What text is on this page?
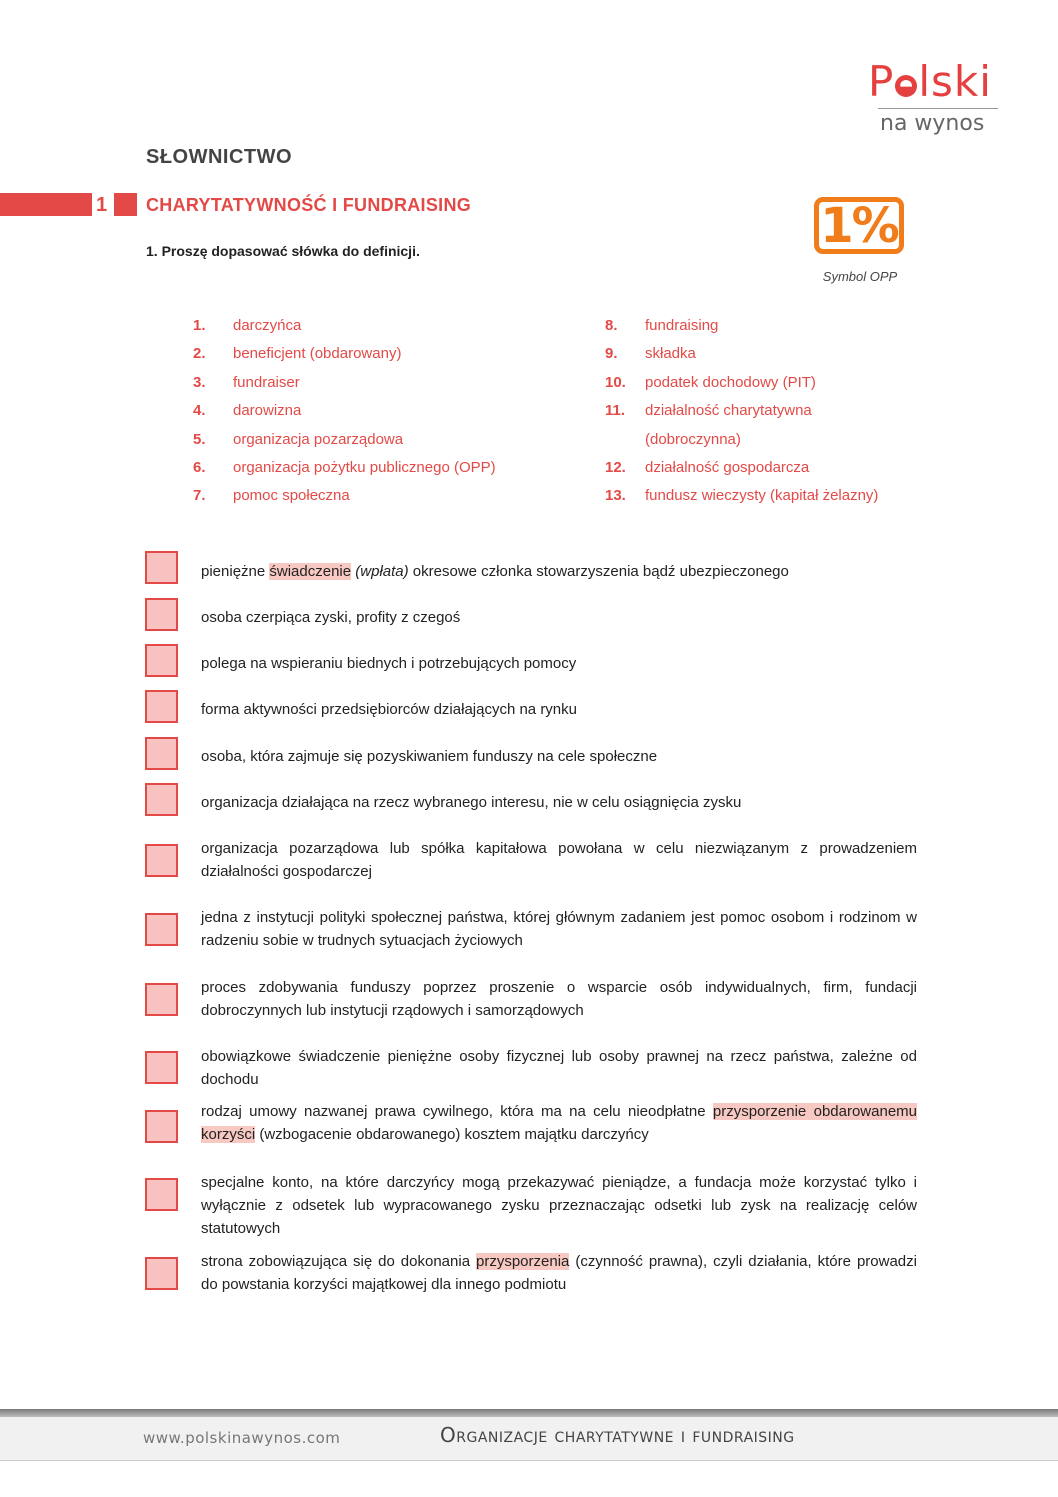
P lski
na wynos
SŁOWNICTWO
1 CHARYTATYWNOŚĆ I FUNDRAISING
1. Proszę dopasować słówka do definicji.	1%
Symbol OPP
1. darczyńca
2. beneficjent (obdarowany)
3. fundraiser
4. darowizna
5. organizacja pozarządowa
6. organizacja pożytku publicznego (OPP)
7. pomoc społeczna
8. fundraising
9. składka
10. podatek dochodowy (PIT)
11. działalność charytatywna
(dobroczynna)
12. działalność gospodarcza
13. fundusz wieczysty (kapitał żelazny)
pieniężne świadczenie (wpłata) okresowe członka stowarzyszenia bądź ubezpieczonego
osoba czerpiąca zyski, profity z czegoś
polega na wspieraniu biednych i potrzebujących pomocy
forma aktywności przedsiębiorców działających na rynku
osoba, która zajmuje się pozyskiwaniem funduszy na cele społeczne
organizacja działająca na rzecz wybranego interesu, nie w celu osiągnięcia zysku
organizacja pozarządowa lub spółka kapitałowa powołana w celu niezwiązanym z prowadzeniem działalności gospodarczej
jedna z instytucji polityki społecznej państwa, której głównym zadaniem jest pomoc osobom i rodzinom w radzeniu sobie w trudnych sytuacjach życiowych
proces zdobywania funduszy poprzez proszenie o wsparcie osób indywidualnych, firm, fundacji dobroczynnych lub instytucji rządowych i samorządowych
obowiązkowe świadczenie pieniężne osoby fizycznej lub osoby prawnej na rzecz państwa, zależne od dochodu
rodzaj umowy nazwanej prawa cywilnego, która ma na celu nieodpłatne przysporzenie obdarowanemu korzyści (wzbogacenie obdarowanego) kosztem majątku darczyńcy
specjalne konto, na które darczyńcy mogą przekazywać pieniądze, a fundacja może korzystać tylko i wyłącznie z odsetek lub wypracowanego zysku przeznaczając odsetki lub zysk na realizację celów statutowych
strona zobowiązująca się do dokonania przysporzenia (czynność prawna), czyli działania, które prowadzi do powstania korzyści majątkowej dla innego podmiotu
www.polskinawynos.com	Organizacje charytatywne i fundraising
